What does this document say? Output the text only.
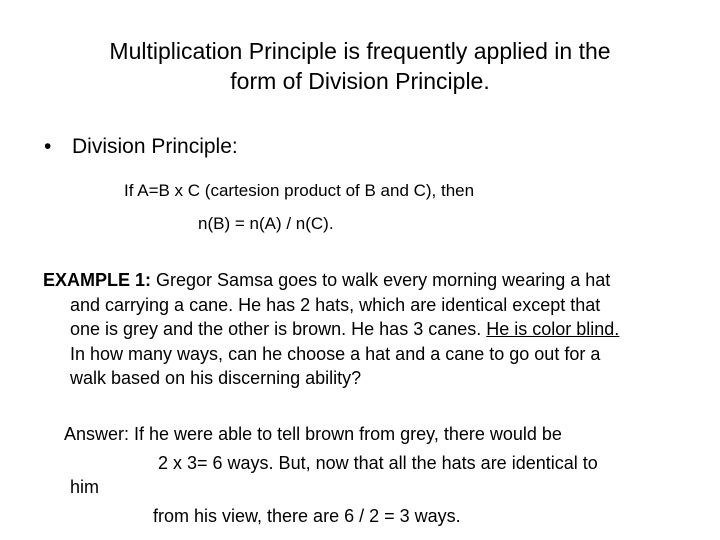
Multiplication Principle is frequently applied in the
form of Division Principle.
• Division Principle:
If A=B x C (cartesion product of B and C), then
n(B) = n(A) / n(C).
EXAMPLE 1: Gregor Samsa goes to walk every morning wearing a hat
and carrying a cane. He has 2 hats, which are identical except that
one is grey and the other is brown. He has 3 canes. He is color blind.
In how many ways, can he choose a hat and a cane to go out for a
walk based on his discerning ability?
Answer: If he were able to tell brown from grey, there would be
2 x 3= 6 ways. But, now that all the hats are identical to
him
from his view, there are 6 / 2 = 3 ways.
